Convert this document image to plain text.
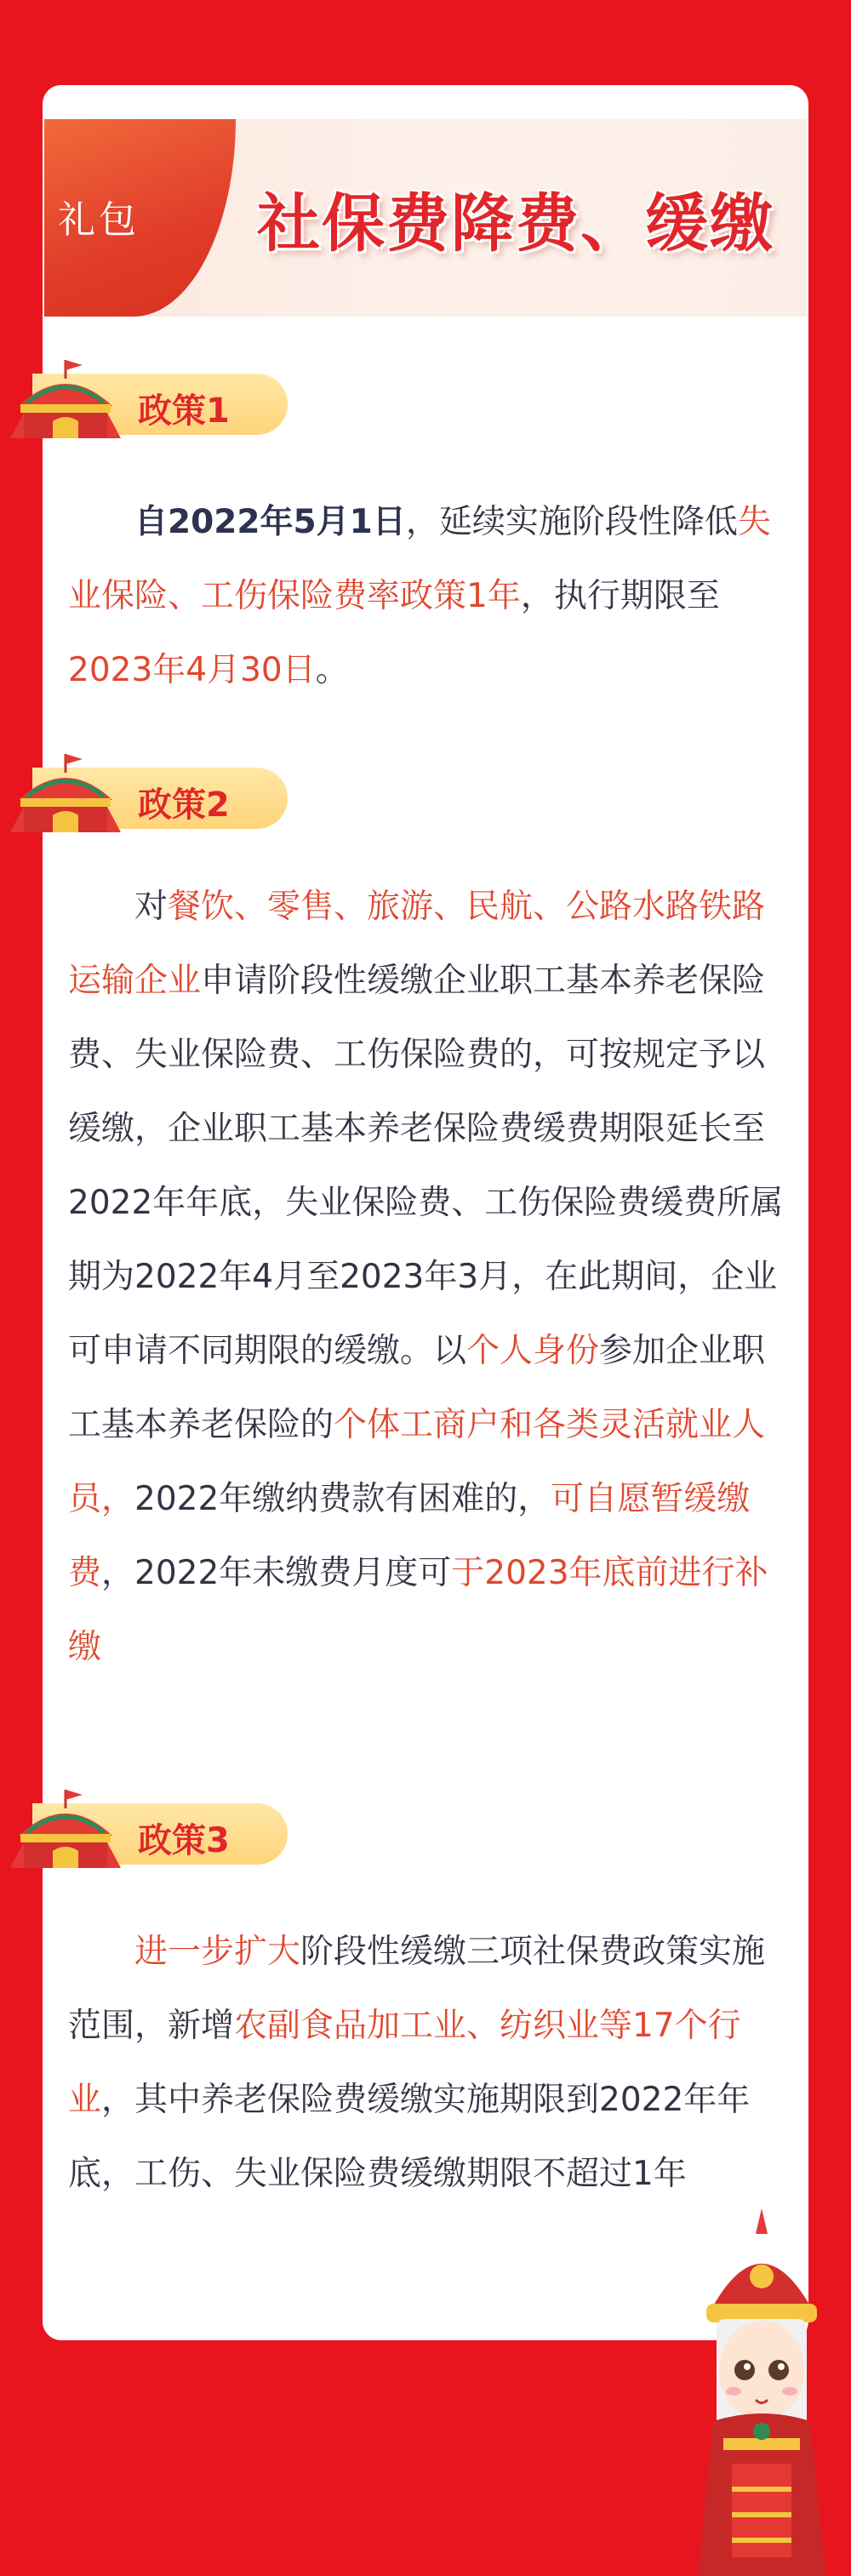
礼包 社保费降费、缓缴
政策1
政策2
政策3

自2022年5月1日，延续实施阶段性降低失业保险、工伤保险费率政策1年，执行期限至2023年4月30日。

对餐饮、零售、旅游、民航、公路水路铁路运输企业申请阶段性缓缴企业职工基本养老保险费、失业保险费、工伤保险费的，可按规定予以缓缴，企业职工基本养老保险费缓费期限延长至2022年年底，失业保险费、工伤保险费缓费所属期为2022年4月至2023年3月，在此期间，企业可申请不同期限的缓缴。以个人身份参加企业职工基本养老保险的个体工商户和各类灵活就业人员，2022年缴纳费款有困难的，可自愿暂缓缴费，2022年未缴费月度可于2023年底前进行补缴

进一步扩大阶段性缓缴三项社保费政策实施范围，新增农副食品加工业、纺织业等17个行业，其中养老保险费缓缴实施期限到2022年年底，工伤、失业保险费缓缴期限不超过1年
